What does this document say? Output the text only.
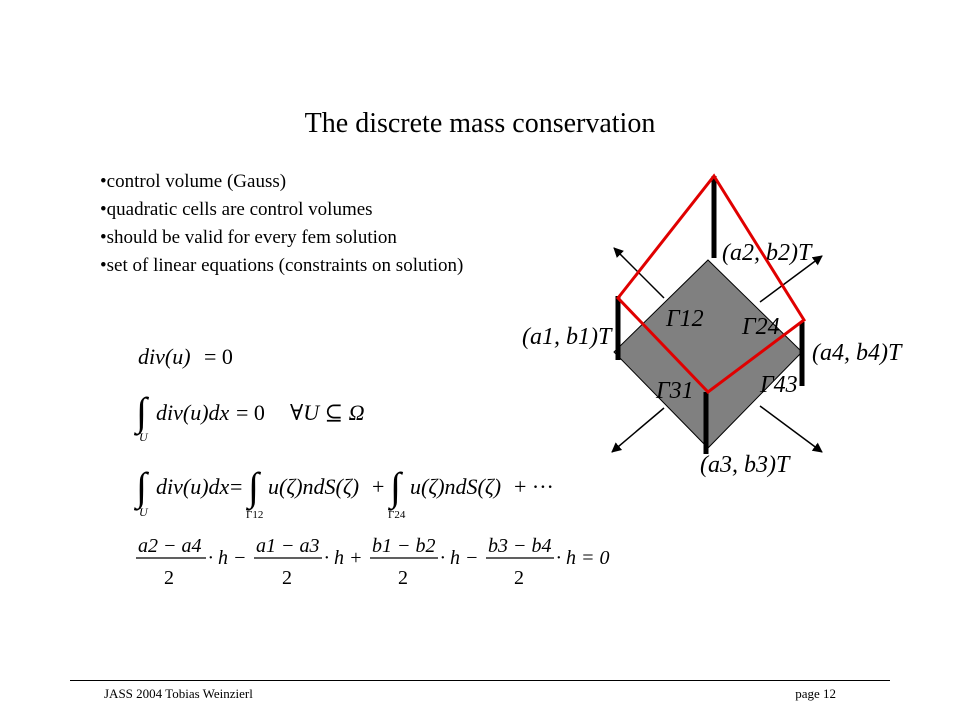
The discrete mass conservation
• control volume (Gauss)
• quadratic cells are control volumes
• should be valid for every fem solution
• set of linear equations (constraints on solution)
div(u) = 0
∫
U
div(u)dx = 0 ∀U ⊆ Ω
∫
U
div(u)dx = ∫
Γ12
u(ζ)ndS(ζ) + ∫
Γ24
u(ζ)ndS(ζ) + ···
a2 − a4
2
· h −
a1 − a3
2
· h +
b1 − b2
2
· h −
b3 − b4
2
· h = 0
Γ12 Γ24
Γ31	Γ43
(a2, b2)T
(a1, b1)T
(a4, b4)T
(a3, b3)T
JASS 2004 Tobias Weinzierl	page 12
